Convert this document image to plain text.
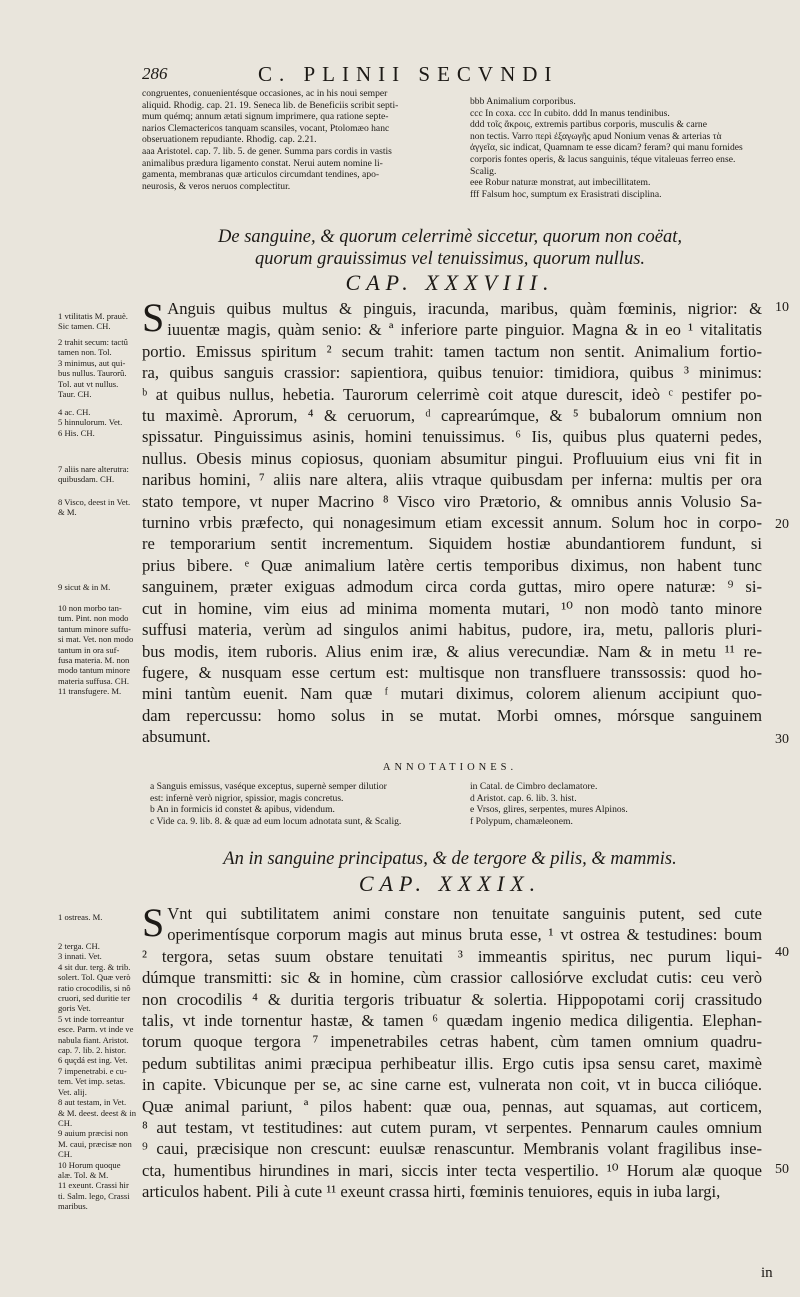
286	C. PLINII SECVNDI

congruentes, conuenientésque occasiones, ac in his noui semper

aliquid. Rhodig. cap. 21. 19. Seneca lib. de Beneficiis scribit septi-

mum quémq; annum ætati signum imprimere, qua ratione septe-

narios Clemactericos tanquam scansiles, vocant, Ptolomæo hanc

obseruationem repudiante. Rhodig. cap. 2.21.

aaa Aristotel. cap. 7. lib. 5. de gener. Summa pars cordis in vastis

animalibus prædura ligamento constat. Nerui autem nomine li-

gamenta, membranas quæ articulos circumdant tendines, apo-

neurosis, & veros neruos complectitur.

bbb Animalium corporibus.

ccc In coxa. ccc In cubito. ddd In manus tendinibus.

ddd τοῖς ἄκροις, extremis partibus corporis, musculis & carne

non tectis. Varro περὶ ἐξαγωγῆς apud Nonium venas & arterias τὰ

ἀγγεῖα, sic indicat, Quamnam te esse dicam? feram? qui manu fornides

corporis fontes operis, & lacus sanguinis, téque vitaleuas ferreo ense.

Scalig.

eee Robur naturæ monstrat, aut imbecillitatem.

fff Falsum hoc, sumptum ex Erasistrati disciplina.

De sanguine, & quorum celerrimè siccetur, quorum non coëat,
quorum grauissimus vel tenuissimus, quorum nullus.
CAP. XXXVIII.
S Anguis quibus multus & pinguis, iracunda, maribus, quàm fœminis, nigrior: &

iuuentæ magis, quàm senio: & ª inferiore parte pinguior. Magna & in eo ¹ vitalitatis

portio. Emissus spiritum ² secum trahit: tamen tactum non sentit. Animalium fortio-

ra, quibus sanguis crassior: sapientiora, quibus tenuior: timidiora, quibus ³ minimus:

ᵇ at quibus nullus, hebetia. Taurorum celerrimè coit atque durescit, ideò ᶜ pestifer po-

tu maximè. Aprorum, ⁴ & ceruorum, ᵈ caprearúmque, & ⁵ bubalorum omnium non

spissatur. Pinguissimus asinis, homini tenuissimus. ⁶ Iis, quibus plus quaterni pedes,

nullus. Obesis minus copiosus, quoniam absumitur pingui. Profluuium eius vni fit in

naribus homini, ⁷ aliis nare altera, aliis vtraque quibusdam per inferna: multis per ora

stato tempore, vt nuper Macrino ⁸ Visco viro Prætorio, & omnibus annis Volusio Sa-

turnino vrbis præfecto, qui nonagesimum etiam excessit annum. Solum hoc in corpo-

re temporarium sentit incrementum. Siquidem hostiæ abundantiorem fundunt, si

prius bibere. ᵉ Quæ animalium latère certis temporibus diximus, non habent tunc

sanguinem, præter exiguas admodum circa corda guttas, miro opere naturæ: ⁹ si-

cut in homine, vim eius ad minima momenta mutari, ¹⁰ non modò tanto minore

suffusi materia, verùm ad singulos animi habitus, pudore, ira, metu, palloris pluri-

bus modis, item ruboris. Alius enim iræ, & alius verecundiæ. Nam & in metu ¹¹ re-

fugere, & nusquam esse certum est: multisque non transfluere transsossis: quod ho-

mini tantùm euenit. Nam quæ ᶠ mutari diximus, colorem alienum accipiunt quo-

dam repercussu: homo solus in se mutat. Morbi omnes, mórsque sanguinem

absumunt.

1 vtilitatis M. prauè.

Sic tamen. CH.

2 trahit secum: tactû

tamen non. Tol.

3 minimus, aut qui-

bus nullus. Taurorû.

Tol. aut vt nullus.

Taur. CH.

4 ac. CH.

5 hinnulorum. Vet.

6 His. CH.

7 aliis nare alterutra:

quibusdam. CH.

8 Visco, deest in Vet.

& M.

9 sicut & in M.

10 non morbo tan-

tum. Pint. non modo

tantum minore suffu-

si mat. Vet. non modo

tantum in ora suf-

fusa materia. M. non

modo tantum minore

materia suffusa. CH.

11 transfugere. M.

10
20
30
ANNOTATIONES.

a Sanguis emissus, vaséque exceptus, supernè semper dilutior

est: infernè verò nigrior, spissior, magis concretus.

b An in formicis id constet & apibus, videndum.

c Vide ca. 9. lib. 8. & quæ ad eum locum adnotata sunt, & Scalig.

in Catal. de Cimbro declamatore.

d Aristot. cap. 6. lib. 3. hist.

e Vrsos, glires, serpentes, mures Alpinos.

f Polypum, chamæleonem.

An in sanguine principatus, & de tergore & pilis, & mammis.
CAP. XXXIX.
S Vnt qui subtilitatem animi constare non tenuitate sanguinis putent, sed cute

operimentísque corporum magis aut minus bruta esse, ¹ vt ostrea & testudines: boum

² tergora, setas suum obstare tenuitati ³ immeantis spiritus, nec purum liqui-

dúmque transmitti: sic & in homine, cùm crassior callosiórve excludat cutis: ceu verò

non crocodilis ⁴ & duritia tergoris tribuatur & solertia. Hippopotami corij crassitudo

talis, vt inde tornentur hastæ, & tamen ⁶ quædam ingenio medica diligentia. Elephan-

torum quoque tergora ⁷ impenetrabiles cetras habent, cùm tamen omnium quadru-

pedum subtilitas animi præcipua perhibeatur illis. Ergo cutis ipsa sensu caret, maximè

in capite. Vbicunque per se, ac sine carne est, vulnerata non coit, vt in bucca cilióque.

Quæ animal pariunt, ª pilos habent: quæ oua, pennas, aut squamas, aut corticem,

⁸ aut testam, vt testitudines: aut cutem puram, vt serpentes. Pennarum caules omnium

⁹ caui, præcisique non crescunt: euulsæ renascuntur. Membranis volant fragilibus inse-

cta, humentibus hirundines in mari, siccis inter tecta vespertilio. ¹⁰ Horum alæ quoque

articulos habent. Pili à cute ¹¹ exeunt crassa hirti, fœminis tenuiores, equis in iuba largi,

1 ostreas. M.

2 terga. CH.

3 innati. Vet.

4 sit dur. terg. & trib.

solert. Tol. Quæ verò

ratio crocodilis, si nô

cruori, sed duritie ter

goris Vet.

5 vt inde torreantur

esce. Parm. vt inde ve

nabula fiant. Aristot.

cap. 7. lib. 2. histor.

6 quçdá est ing. Vet.

7 impenetrabi. e cu-

tem. Vet imp. setas.

Vet. alij.

8 aut testam, in Vet.

& M. deest. deest & in

CH.

9 auium præcisi non

M. caui, præcisæ non

CH.

10 Horum quoque

alæ. Tol. & M.

11 exeunt. Crassi hir

ti. Salm. lego, Crassi

maribus.

40
50
in
